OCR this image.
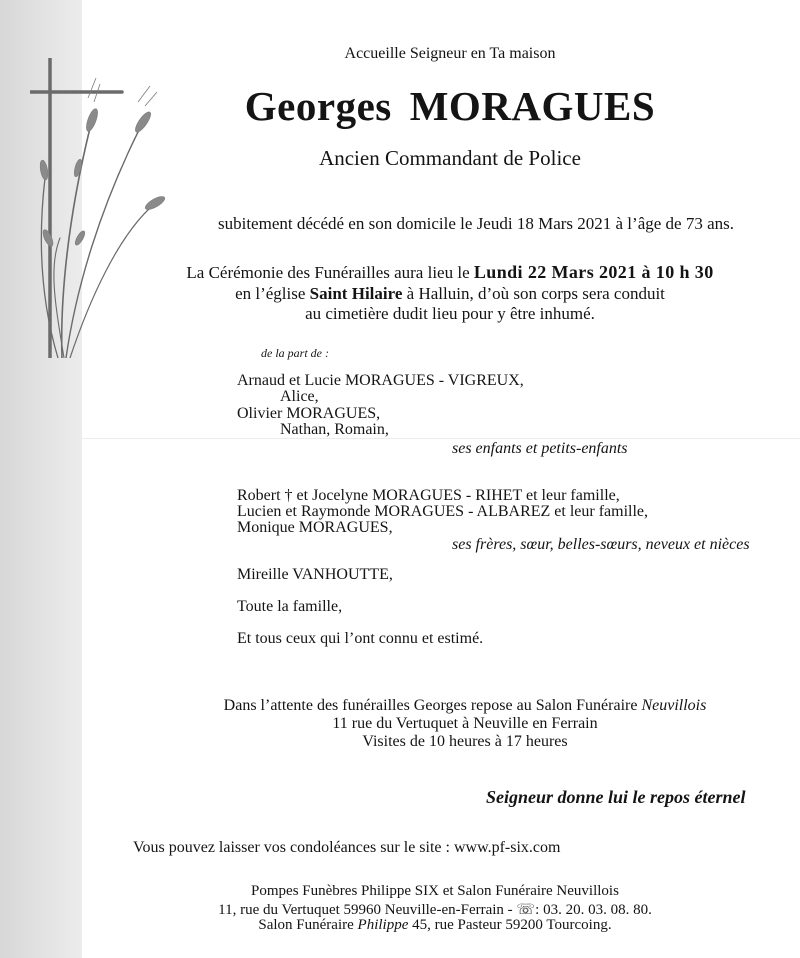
Accueille Seigneur en Ta maison
Georges MORAGUES
Ancien Commandant de Police
subitement décédé en son domicile le Jeudi 18 Mars 2021 à l’âge de 73 ans.
La Cérémonie des Funérailles aura lieu le Lundi 22 Mars 2021 à 10 h 30
en l’église Saint Hilaire à Halluin, d’où son corps sera conduit
au cimetière dudit lieu pour y être inhumé.
de la part de :
Arnaud et Lucie MORAGUES - VIGREUX,
Alice,
Olivier MORAGUES,
Nathan, Romain,
ses enfants et petits-enfants
Robert † et Jocelyne MORAGUES - RIHET et leur famille,
Lucien et Raymonde MORAGUES - ALBAREZ et leur famille,
Monique MORAGUES,
ses frères, sœur, belles-sœurs, neveux et nièces
Mireille VANHOUTTE,
Toute la famille,
Et tous ceux qui l’ont connu et estimé.
Dans l’attente des funérailles Georges repose au Salon Funéraire Neuvillois
11 rue du Vertuquet à Neuville en Ferrain
Visites de 10 heures à 17 heures
Seigneur donne lui le repos éternel
Vous pouvez laisser vos condoléances sur le site : www.pf-six.com
Pompes Funèbres Philippe SIX et Salon Funéraire Neuvillois
11, rue du Vertuquet 59960 Neuville-en-Ferrain - ☏: 03. 20. 03. 08. 80.
Salon Funéraire Philippe 45, rue Pasteur 59200 Tourcoing.
